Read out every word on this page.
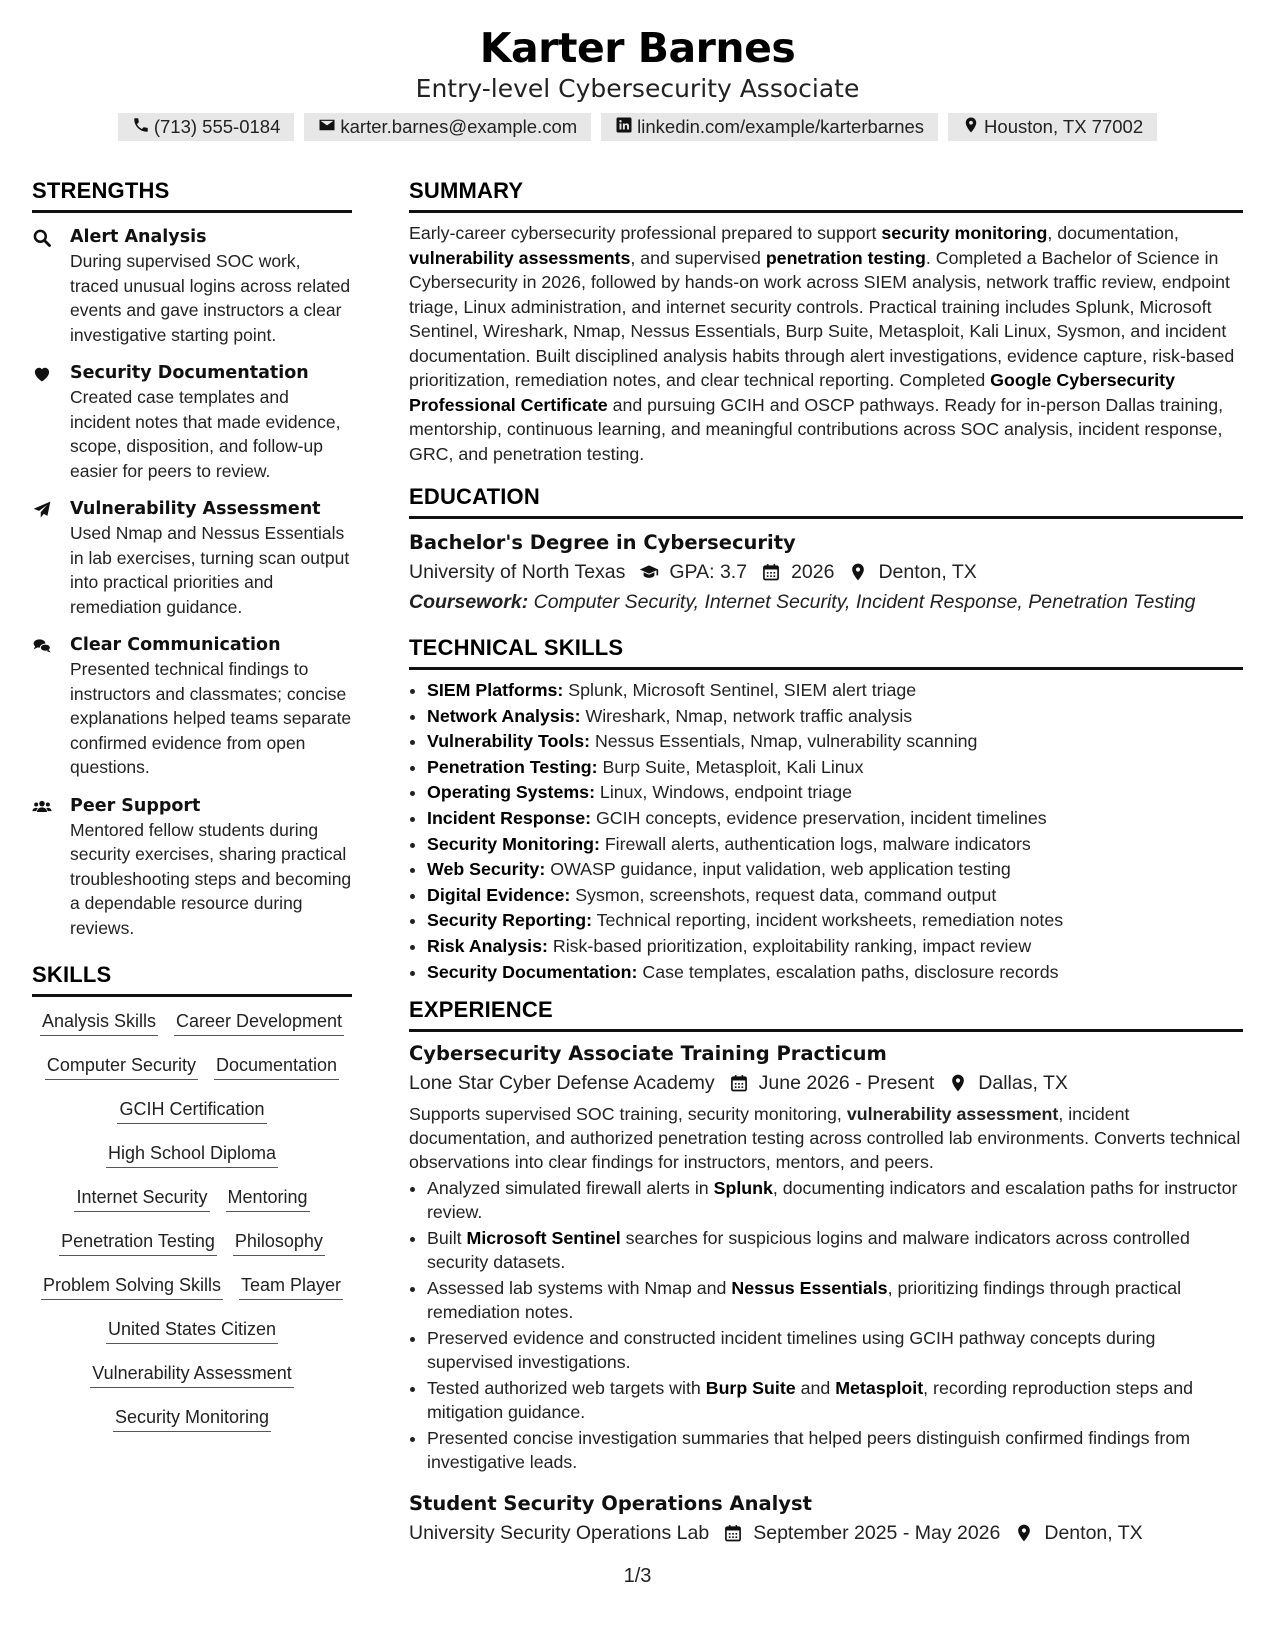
Karter Barnes
Entry-level Cybersecurity Associate
(713) 555-0184	karter.barnes@example.com	linkedin.com/example/karterbarnes	Houston, TX 77002
STRENGTHS
Alert Analysis
During supervised SOC work, traced unusual logins across related events and gave instructors a clear investigative starting point.
Security Documentation
Created case templates and incident notes that made evidence, scope, disposition, and follow-up easier for peers to review.
Vulnerability Assessment
Used Nmap and Nessus Essentials in lab exercises, turning scan output into practical priorities and remediation guidance.
Clear Communication
Presented technical findings to instructors and classmates; concise explanations helped teams separate confirmed evidence from open questions.
Peer Support
Mentored fellow students during security exercises, sharing practical troubleshooting steps and becoming a dependable resource during reviews.
SKILLS
Analysis Skills Career Development
Computer Security Documentation
GCIH Certification
High School Diploma
Internet Security Mentoring
Penetration Testing Philosophy
Problem Solving Skills Team Player
United States Citizen
Vulnerability Assessment
Security Monitoring
SUMMARY
Early-career cybersecurity professional prepared to support security monitoring, documentation, vulnerability assessments, and supervised penetration testing. Completed a Bachelor of Science in Cybersecurity in 2026, followed by hands-on work across SIEM analysis, network traffic review, endpoint triage, Linux administration, and internet security controls. Practical training includes Splunk, Microsoft Sentinel, Wireshark, Nmap, Nessus Essentials, Burp Suite, Metasploit, Kali Linux, Sysmon, and incident documentation. Built disciplined analysis habits through alert investigations, evidence capture, risk-based prioritization, remediation notes, and clear technical reporting. Completed Google Cybersecurity Professional Certificate and pursuing GCIH and OSCP pathways. Ready for in-person Dallas training, mentorship, continuous learning, and meaningful contributions across SOC analysis, incident response, GRC, and penetration testing.
EDUCATION
Bachelor's Degree in Cybersecurity
University of North Texas GPA: 3.7 2026 Denton, TX
Coursework: Computer Security, Internet Security, Incident Response, Penetration Testing
TECHNICAL SKILLS
• SIEM Platforms: Splunk, Microsoft Sentinel, SIEM alert triage
• Network Analysis: Wireshark, Nmap, network traffic analysis
• Vulnerability Tools: Nessus Essentials, Nmap, vulnerability scanning
• Penetration Testing: Burp Suite, Metasploit, Kali Linux
• Operating Systems: Linux, Windows, endpoint triage
• Incident Response: GCIH concepts, evidence preservation, incident timelines
• Security Monitoring: Firewall alerts, authentication logs, malware indicators
• Web Security: OWASP guidance, input validation, web application testing
• Digital Evidence: Sysmon, screenshots, request data, command output
• Security Reporting: Technical reporting, incident worksheets, remediation notes
• Risk Analysis: Risk-based prioritization, exploitability ranking, impact review
• Security Documentation: Case templates, escalation paths, disclosure records
EXPERIENCE
Cybersecurity Associate Training Practicum
Lone Star Cyber Defense Academy June 2026 - Present Dallas, TX
Supports supervised SOC training, security monitoring, vulnerability assessment, incident documentation, and authorized penetration testing across controlled lab environments. Converts technical observations into clear findings for instructors, mentors, and peers.
• Analyzed simulated firewall alerts in Splunk, documenting indicators and escalation paths for instructor review.
• Built Microsoft Sentinel searches for suspicious logins and malware indicators across controlled security datasets.
• Assessed lab systems with Nmap and Nessus Essentials, prioritizing findings through practical remediation notes.
• Preserved evidence and constructed incident timelines using GCIH pathway concepts during supervised investigations.
• Tested authorized web targets with Burp Suite and Metasploit, recording reproduction steps and mitigation guidance.
• Presented concise investigation summaries that helped peers distinguish confirmed findings from investigative leads.
Student Security Operations Analyst
University Security Operations Lab September 2025 - May 2026 Denton, TX
1/3
